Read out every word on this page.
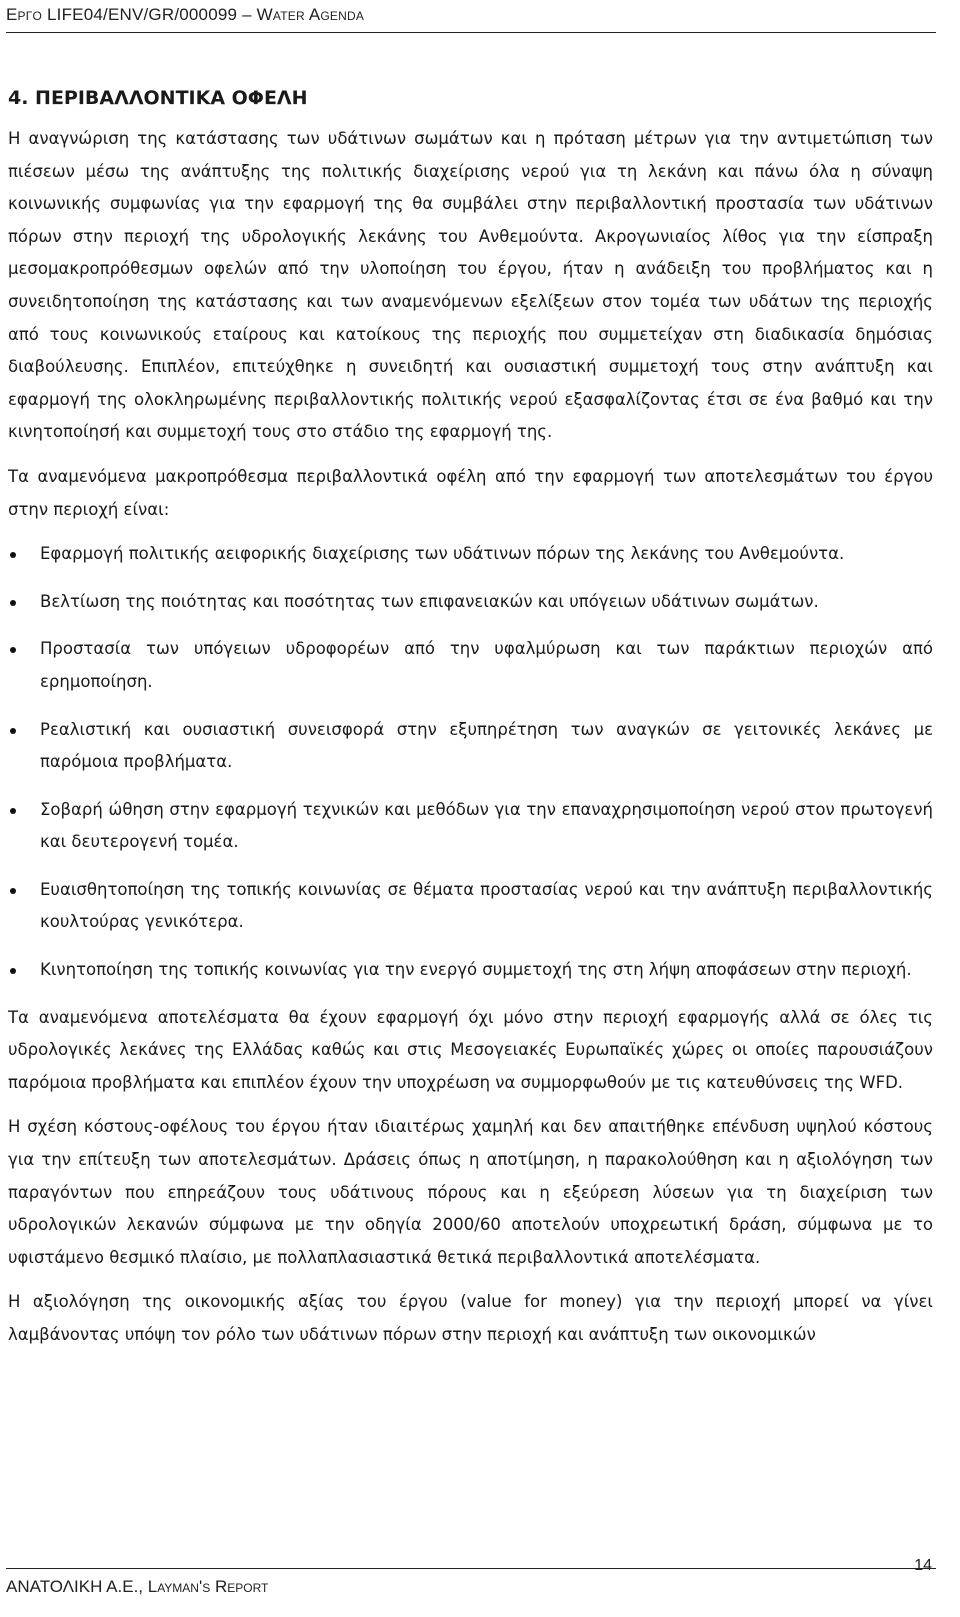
Εργο LIFE04/ENV/GR/000099 – Water Agenda
4. ΠΕΡΙΒΑΛΛΟΝΤΙΚΑ ΟΦΕΛΗ

Η αναγνώριση της κατάστασης των υδάτινων σωμάτων και η πρόταση μέτρων για την αντιμετώπιση των πιέσεων μέσω της ανάπτυξης της πολιτικής διαχείρισης νερού για τη λεκάνη και πάνω όλα η σύναψη κοινωνικής συμφωνίας για την εφαρμογή της θα συμβάλει στην περιβαλλοντική προστασία των υδάτινων πόρων στην περιοχή της υδρολογικής λεκάνης του Ανθεμούντα. Ακρογωνιαίος λίθος για την είσπραξη μεσομακροπρόθεσμων οφελών από την υλοποίηση του έργου, ήταν η ανάδειξη του προβλήματος και η συνειδητοποίηση της κατάστασης και των αναμενόμενων εξελίξεων στον τομέα των υδάτων της περιοχής από τους κοινωνικούς εταίρους και κατοίκους της περιοχής που συμμετείχαν στη διαδικασία δημόσιας διαβούλευσης. Επιπλέον, επιτεύχθηκε η συνειδητή και ουσιαστική συμμετοχή τους στην ανάπτυξη και εφαρμογή της ολοκληρωμένης περιβαλλοντικής πολιτικής νερού εξασφαλίζοντας έτσι σε ένα βαθμό και την κινητοποίησή και συμμετοχή τους στο στάδιο της εφαρμογή της.

Τα αναμενόμενα μακροπρόθεσμα περιβαλλοντικά οφέλη από την εφαρμογή των αποτελεσμάτων του έργου στην περιοχή είναι:

Εφαρμογή πολιτικής αειφορικής διαχείρισης των υδάτινων πόρων της λεκάνης του Ανθεμούντα.
Βελτίωση της ποιότητας και ποσότητας των επιφανειακών και υπόγειων υδάτινων σωμάτων.
Προστασία των υπόγειων υδροφορέων από την υφαλμύρωση και των παράκτιων περιοχών από ερημοποίηση.
Ρεαλιστική και ουσιαστική συνεισφορά στην εξυπηρέτηση των αναγκών σε γειτονικές λεκάνες με παρόμοια προβλήματα.
Σοβαρή ώθηση στην εφαρμογή τεχνικών και μεθόδων για την επαναχρησιμοποίηση νερού στον πρωτογενή και δευτερογενή τομέα.
Ευαισθητοποίηση της τοπικής κοινωνίας σε θέματα προστασίας νερού και την ανάπτυξη περιβαλλοντικής κουλτούρας γενικότερα.
Κινητοποίηση της τοπικής κοινωνίας για την ενεργό συμμετοχή της στη λήψη αποφάσεων στην περιοχή.

Τα αναμενόμενα αποτελέσματα θα έχουν εφαρμογή όχι μόνο στην περιοχή εφαρμογής αλλά σε όλες τις υδρολογικές λεκάνες της Ελλάδας καθώς και στις Μεσογειακές Ευρωπαϊκές χώρες οι οποίες παρουσιάζουν παρόμοια προβλήματα και επιπλέον έχουν την υποχρέωση να συμμορφωθούν με τις κατευθύνσεις της WFD.

Η σχέση κόστους-οφέλους του έργου ήταν ιδιαιτέρως χαμηλή και δεν απαιτήθηκε επένδυση υψηλού κόστους για την επίτευξη των αποτελεσμάτων. Δράσεις όπως η αποτίμηση, η παρακολούθηση και η αξιολόγηση των παραγόντων που επηρεάζουν τους υδάτινους πόρους και η εξεύρεση λύσεων για τη διαχείριση των υδρολογικών λεκανών σύμφωνα με την οδηγία 2000/60 αποτελούν υποχρεωτική δράση, σύμφωνα με το υφιστάμενο θεσμικό πλαίσιο, με πολλαπλασιαστικά θετικά περιβαλλοντικά αποτελέσματα.

Η αξιολόγηση της οικονομικής αξίας του έργου (value for money) για την περιοχή μπορεί να γίνει λαμβάνοντας υπόψη τον ρόλο των υδάτινων πόρων στην περιοχή και ανάπτυξη των οικονομικών

ΑΝΑΤΟΛΙΚΗ Α.Ε., Layman's Report
14
